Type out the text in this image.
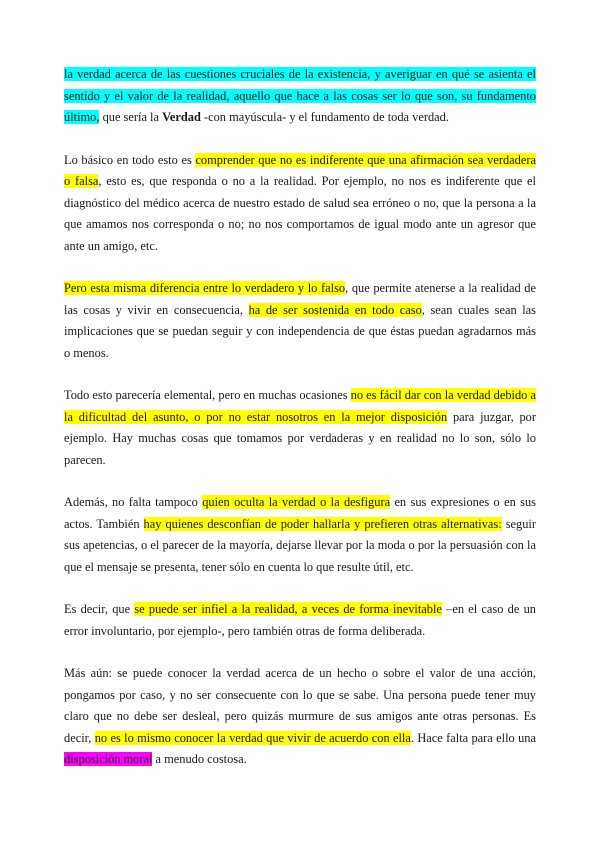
la verdad acerca de las cuestiones cruciales de la existencia, y averiguar en qué se asienta el sentido y el valor de la realidad, aquello que hace a las cosas ser lo que son, su fundamento último, que sería la Verdad -con mayúscula- y el fundamento de toda verdad.

Lo básico en todo esto es comprender que no es indiferente que una afirmación sea verdadera o falsa, esto es, que responda o no a la realidad. Por ejemplo, no nos es indiferente que el diagnóstico del médico acerca de nuestro estado de salud sea erróneo o no, que la persona a la que amamos nos corresponda o no; no nos comportamos de igual modo ante un agresor que ante un amigo, etc.

Pero esta misma diferencia entre lo verdadero y lo falso, que permite atenerse a la realidad de las cosas y vivir en consecuencia, ha de ser sostenida en todo caso, sean cuales sean las implicaciones que se puedan seguir y con independencia de que éstas puedan agradarnos más o menos.

Todo esto parecería elemental, pero en muchas ocasiones no es fácil dar con la verdad debido a la dificultad del asunto, o por no estar nosotros en la mejor disposición para juzgar, por ejemplo. Hay muchas cosas que tomamos por verdaderas y en realidad no lo son, sólo lo parecen.

Además, no falta tampoco quien oculta la verdad o la desfigura en sus expresiones o en sus actos. También hay quienes desconfían de poder hallarla y prefieren otras alternativas: seguir sus apetencias, o el parecer de la mayoría, dejarse llevar por la moda o por la persuasión con la que el mensaje se presenta, tener sólo en cuenta lo que resulte útil, etc.

Es decir, que se puede ser infiel a la realidad, a veces de forma inevitable –en el caso de un error involuntario, por ejemplo-, pero también otras de forma deliberada.

Más aún: se puede conocer la verdad acerca de un hecho o sobre el valor de una acción, pongamos por caso, y no ser consecuente con lo que se sabe. Una persona puede tener muy claro que no debe ser desleal, pero quizás murmure de sus amigos ante otras personas. Es decir, no es lo mismo conocer la verdad que vivir de acuerdo con ella. Hace falta para ello una disposición moral a menudo costosa.
